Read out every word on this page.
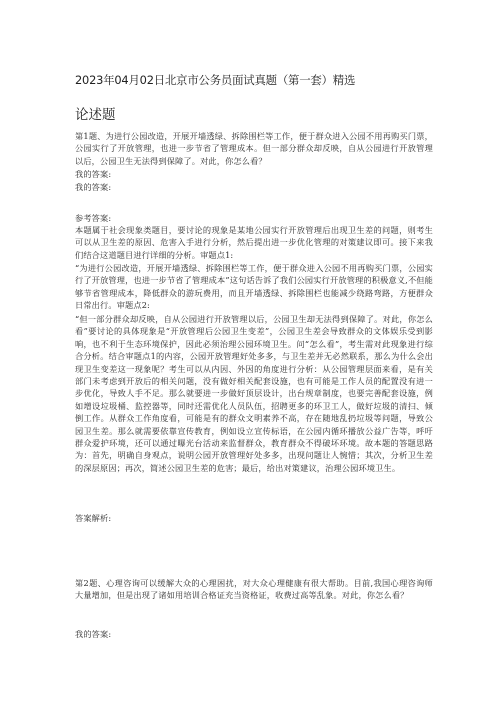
2023年04月02日北京市公务员面试真题（第一套）精选
论述题
第1题、为进行公园改造，开展开墙透绿、拆除围栏等工作，便于群众进入公园不用再购买门票，公园实行了开放管理，也进一步节省了管理成本。但一部分群众却反映，自从公园进行开放管理以后，公园卫生无法得到保障了。对此，你怎么看？
我的答案:
我的答案:
参考答案:
本题属于社会现象类题目，要讨论的现象是某地公园实行开放管理后出现卫生差的问题，则考生可以从卫生差的原因、危害入手进行分析，然后提出进一步优化管理的对策建议即可。接下来我们结合这道题目进行详细的分析。审题点1:
“为进行公园改造，开展开墙透绿、拆除围栏等工作，便于群众进入公园不用再购买门票，公园实行了开放管理，也进一步节省了管理成本”这句话告诉了我们公园实行开放管理的积极意义,不但能够节省管理成本，降低群众的游玩费用，而且开墙透绿、拆除围栏也能减少绕路弯路，方便群众日常出行。审题点2:
“但一部分群众却反映，自从公园进行开放管理以后，公园卫生却无法得到保障了。对此，你怎么看”要讨论的具体现象是“开放管理后公园卫生变差”，公园卫生差会导致群众的文体娱乐受到影响，也不利于生态环境保护，因此必须治理公园环境卫生。问“怎么看”，考生需对此现象进行综合分析。结合审题点1的内容，公园开放管理好处多多，与卫生差并无必然联系，那么为什么会出现卫生变差这一现象呢？考生可以从内因、外因的角度进行分析：从公园管理层面来看，是有关部门未考虑到开放后的相关问题，没有做好相关配套设施，也有可能是工作人员的配置没有进一步优化，导致人手不足。那么就要进一步做好顶层设计，出台规章制度，也要完善配套设施，例如增设垃圾桶、监控器等，同时还需优化人员队伍，招聘更多的环卫工人，做好垃圾的清扫、倾倒工作。从群众工作角度看，可能是有的群众文明素养不高，存在随地乱扔垃圾等问题，导致公园卫生差。那么就需要依靠宣传教育，例如设立宣传标语，在公园内循环播放公益广告等，呼吁群众爱护环境，还可以通过曝光台活动来监督群众，教育群众不得破坏环境。故本题的答题思路为：首先，明确自身观点，说明公园开放管理好处多多，出现问题让人惋惜；其次，分析卫生差的深层原因；再次，简述公园卫生差的危害；最后，给出对策建议，治理公园环境卫生。
答案解析:
第2题、心理咨询可以缓解大众的心理困扰，对大众心理健康有很大帮助。目前,我国心理咨询师大量增加，但是出现了诸如用培训合格证充当资格证，收费过高等乱象。对此，你怎么看？
我的答案:
